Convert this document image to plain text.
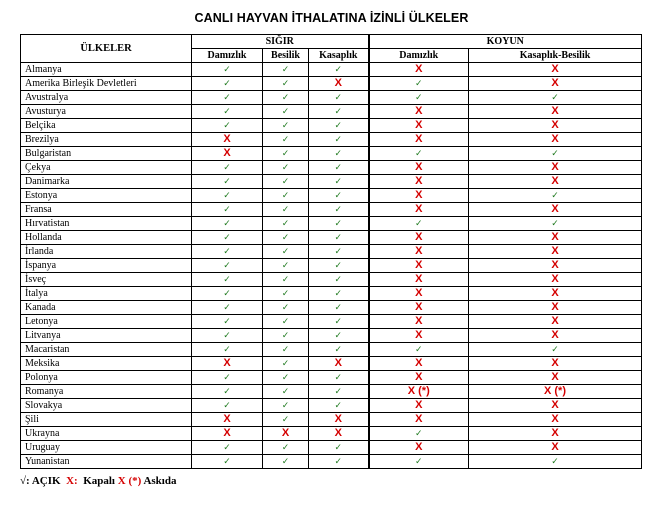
CANLI HAYVAN İTHALATINA İZİNLİ ÜLKELER
ÜLKELER	SIĞIR			KOYUN	
	Damızlık	Besilik	Kasaplık	Damızlık	Kasaplık-Besilik
Almanya	✓	✓	✓	X	X
Amerika Birleşik Devletleri	✓	✓	X	✓	X
Avustralya	✓	✓	✓	✓	✓
Avusturya	✓	✓	✓	X	X
Belçika	✓	✓	✓	X	X
Brezilya	X	✓	✓	X	X
Bulgaristan	X	✓	✓	✓	✓
Çekya	✓	✓	✓	X	X
Danimarka	✓	✓	✓	X	X
Estonya	✓	✓	✓	X	✓
Fransa	✓	✓	✓	X	X
Hırvatistan	✓	✓	✓	✓	✓
Hollanda	✓	✓	✓	X	X
İrlanda	✓	✓	✓	X	X
İspanya	✓	✓	✓	X	X
İsveç	✓	✓	✓	X	X
İtalya	✓	✓	✓	X	X
Kanada	✓	✓	✓	X	X
Letonya	✓	✓	✓	X	X
Litvanya	✓	✓	✓	X	X
Macaristan	✓	✓	✓	✓	✓
Meksika	X	✓	X	X	X
Polonya	✓	✓	✓	X	X
Romanya	✓	✓	✓	X (*)	X (*)
Slovakya	✓	✓	✓	X	X
Şili	X	✓	X	X	X
Ukrayna	X	X	X	✓	X
Uruguay	✓	✓	✓	X	X
Yunanistan	✓	✓	✓	✓	✓
√: AÇIK X: Kapalı X (*) Askıda
